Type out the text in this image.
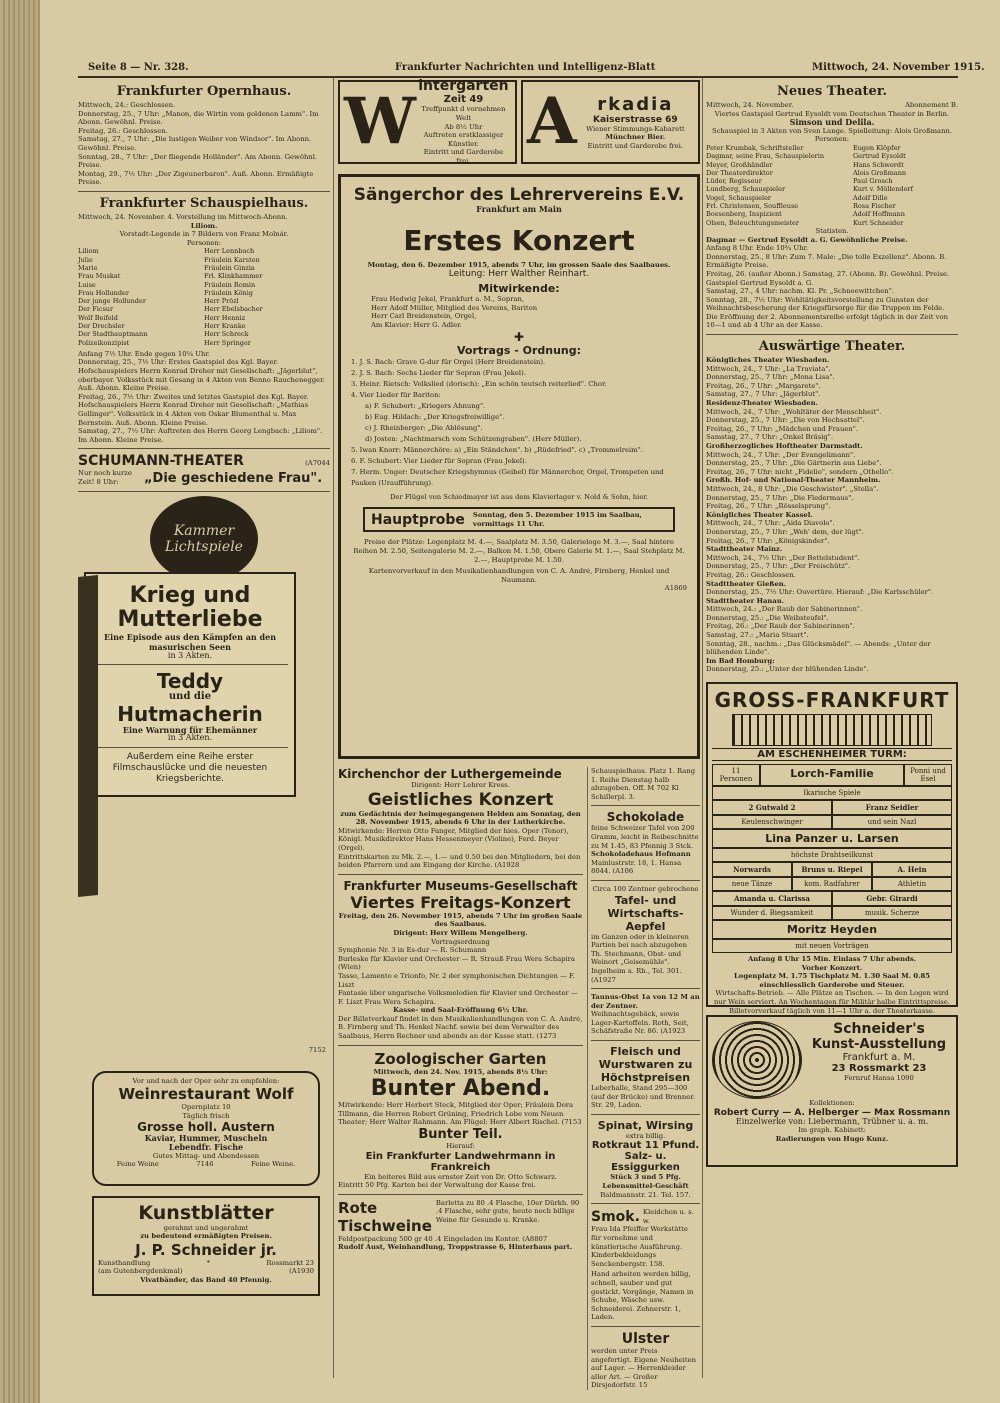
Seite 8 — Nr. 328.	Frankfurter Nachrichten und Intelligenz-Blatt	Mittwoch, 24. November 1915.
Frankfurter Opernhaus.
Mittwoch, 24.: Geschlossen.
Donnerstag, 25., 7 Uhr: „Manon, die Wirtin vom goldenen Lamm". Im Abonn. Gewöhnl. Preise.
Freitag, 26.: Geschlossen.
Samstag, 27., 7 Uhr: „Die lustigen Weiber von Windsor". Im Abonn. Gewöhnl. Preise.
Sonntag, 28., 7 Uhr: „Der fliegende Holländer". Am Abonn. Gewöhnl. Preise.
Montag, 29., 7½ Uhr: „Der Zigeunerbaron". Auß. Abonn. Ermäßigte Preise.
Frankfurter Schauspielhaus.
Mittwoch, 24. November. 4. Vorstellung im Mittwoch-Abonn.
Liliom.
Vorstadt-Legende in 7 Bildern von Franz Molnár.
Personen:
Liliom	Herr Lennbach
Julie	Fräulein Karsten
Marie	Fräulein Ginzia
Frau Muskat	Frl. Klinkhammer
Luise	Fräulein Romin
Frau Hollunder	Fräulein König
Der junge Hollunder	Herr Prözl
Der Ficsur	Herr Ebelsbacher
Wolf Beifeld	Herr Henniz
Der Drechsler	Herr Kranke
Der Stadthauptmann	Herr Schreck
Polizeikonzipist	Herr Springer
Anfang 7½ Uhr. Ende gegen 10¼ Uhr.
Donnerstag, 25., 7½ Uhr: Erstes Gastspiel des Kgl. Bayer. Hofschauspielers Herrn Konrad Dreher mit Gesellschaft: „Jägerblut", oberbayer. Volksstück mit Gesang in 4 Akten von Benno Rauchenegger. Auß. Abonn. Kleine Preise.
Freitag, 26., 7½ Uhr: Zweites und letztes Gastspiel des Kgl. Bayer. Hofschauspielers Herrn Konrad Dreher mit Gesellschaft: „Mathias Gollinger". Volksstück in 4 Akten von Oskar Blumenthal u. Max Bernstein. Auß. Abonn. Kleine Preise.
Samstag, 27., 7½ Uhr: Auftreten des Herrn Georg Lengbach: „Liliom". Im Abonn. Kleine Preise.
SCHUMANN-THEATER	(A7044
Nur noch kurze Zeit! 8 Uhr:	„Die geschiedene Frau".
Kammer
Lichtspiele
Krieg und Mutterliebe
Eine Episode aus den Kämpfen an den masurischen Seen
in 3 Akten.
Teddy
und die
Hutmacherin
Eine Warnung für Ehemänner
in 3 Akten.
Außerdem eine Reihe erster Filmschauslücke und die neuesten Kriegsberichte.
7152
Vor und nach der Oper sehr zu empfehlen:
Weinrestaurant Wolf
Opernplatz 10
Täglich frisch
Grosse holl. Austern
Kaviar, Hummer, Muscheln
Lebendfr. Fische
Gutes Mittag- und Abendessen
Feine Weine	7146	Feine Weine.
Kunstblätter
gerahmt und ungerahmt
zu bedeutend ermäßigten Preisen.
J. P. Schneider jr.
Kunsthandlung	*	Rossmarkt 23
(am Gutenbergdenkmal)	(A1930
Vivatbänder, das Band 40 Pfennig.
W intergarten
Zeit 49
Treffpunkt d vornehmen Welt
Ab 8½ Uhr
Auftreten erstklassiger Künstler.
Eintritt und Garderobe frei.
A	rkadia
Kaiserstrasse 69
Wiener Stimmungs-Kabarett
Münchner Bier.
Eintritt und Garderobe frei.
Sängerchor des Lehrervereins E.V.
Frankfurt am Main
Erstes Konzert
Montag, den 6. Dezember 1915, abends 7 Uhr, im grossen Saale des Saalbaues.
Leitung: Herr Walther Reinhart.
Mitwirkende:
Frau Hedwig Jekel, Frankfurt a. M., Sopran,
Herr Adolf Müller, Mitglied des Vereins, Bariton
Herr Carl Breidenstein, Orgel,
Am Klavier: Herr G. Adler.
✚
Vortrags - Ordnung:
1. J. S. Bach: Grave G-dur für Orgel (Herr Breidenstein).
2. J. S. Bach: Sechs Lieder für Sopran (Frau Jekel).
3. Heinr. Rietsch: Volkslied (dorisch): „Ein schön teutsch reiterlied". Chor.
4. Vier Lieder für Bariton:
a) F. Schubert: „Kriegers Ahnung".
b) Eug. Hildach: „Der Kriegsfreiwillige".
c) J. Rheinberger: „Die Ablösung".
d) Josten: „Nachtmarsch vom Schützengraben". (Herr Müller).
5. Iwan Knorr: Männerchöre: a) „Ein Ständchen". b) „Rüdefried". c) „Trommelreim".
6. F. Schubert: Vier Lieder für Sopran (Frau Jekel).
7. Herm. Unger: Deutscher Kriegshymnus (Geibel) für Männerchor, Orgel, Trompeten und Pauken (Uraufführung).
Der Flügel von Schiedmayer ist aus dem Klavierlager v. Nold & Sohn, hier.
Hauptprobe Sonntag, den 5. Dezember 1915 im Saalbau, vormittags 11 Uhr.
Preise der Plätze: Logenplatz M. 4.—, Saalplatz M. 3.50, Galerieloge M. 3.—, Saal hintere Reihen M. 2.50, Seitengalerie M. 2.—, Balkon M. 1.50, Obere Galerie M. 1.—, Saal Stehplatz M. 2.—, Hauptprobe M. 1.50.
Kartenvorverkauf in den Musikalienhandlungen von C. A. André, Firnberg, Henkel und Naumann.
A1869
Kirchenchor der Luthergemeinde
Dirigent: Herr Lehrer Kress.
Geistliches Konzert
zum Gedächtnis der heimgegangenen Helden am Sonntag, den 28. November 1915, abends 6 Uhr in der Lutherkirche.
Mitwirkende: Herren Otto Fanger, Mitglied der hies. Oper (Tenor), Königl. Musikdirektor Hans Hessenmeyer (Violine), Ferd. Beyer (Orgel).
Eintrittskarten zu Mk. 2.—, 1.— und 0.50 bei den Mitgliedern, bei den beiden Pfarrern und am Eingang der Kirche. (A1928
Frankfurter Museums-Gesellschaft
Viertes Freitags-Konzert
Freitag, den 26. November 1915, abends 7 Uhr im großen Saale des Saalbaus.
Dirigent: Herr Willem Mengelberg.
Vortragsordnung
Symphonie Nr. 3 in Es-dur — R. Schumann
Burleske für Klavier und Orchester — R. Strauß Frau Wera Schapira (Wien)
Tasso, Lamento e Trionfo, Nr. 2 der symphonischen Dichtungen — F. Liszt
Fantasie über ungarische Volksmelodien für Klavier und Orchester — F. Liszt Frau Wera Schapira.
Kasse- und Saal-Eröffnung 6½ Uhr.
Der Billetverkauf findet in den Musikalienhandlungen von C. A. André, B. Firnberg und Th. Henkel Nachf. sowie bei dem Verwalter des Saalbaus, Herrn Rechner und abends an der Kasse statt. (1273
Zoologischer Garten
Mittwoch, den 24. Nov. 1915, abends 8½ Uhr:
Bunter Abend.
Mitwirkende: Herr Herbert Steck, Mitglied der Oper; Fräulein Dora Tillmann, die Herren Robert Grüning, Friedrich Lobe vom Neuen Theater; Herr Walter Rahmann. Am Flügel: Herr Albert Rischel. (7153
Bunter Teil.
Hierauf:
Ein Frankfurter Landwehrmann in Frankreich
Ein heiteres Bild aus ernster Zeit von Dr. Otto Schwarz.
Eintritt 50 Pfg. Karten bei der Verwaltung der Kasse frei.
Rote Tischweine
Barletta zu 80 .4 Flasche, 10er Dürkh. 90 .4 Flasche, sehr gute, heute noch billige Weine für Gesunde u. Kranke.
Feldpostpackung 500 gr 40 .4 Eingeladen im Kontor. (A8807
Rudolf Aust, Weinhandlung, Troppstrasse 6, Hinterhaus part.
Schauspielhaus. Platz 1. Rang 1. Reihe Dienstag halb abzugeben. Off. M 702 Kl Schillerpl. 3.
Schokolade
feine Schweizer Tafel von 200 Gramm, leicht in Reibeschnitte zu M 1.45, 83 Pfennig 3 Stck.
Schokoladehaus Hofmann
Mainlustrstr. 18, 1. Hansa 8044. (A106
Circa 100 Zentner gebrochene
Tafel- und Wirtschafts-Aepfel
im Ganzen oder in kleineren Partien bei nach abzugeben Th. Stechmann, Obst- und Weinort „Geisemühle". Ingelheim a. Rh., Tel. 301. (A1927
Taunus-Obst 1a von 12 M an der Zentner.
Weihnachtsgebäck, sowie Lager-Kartoffeln. Roth, Seit, Schäfstraße Nr. 86. (A1923
Fleisch und Wurstwaren zu Höchstpreisen
Leberhalle, Stand 295—300 (auf der Brücke) und Brenner. Str. 29, Laden.
Spinat, Wirsing
extra billig.
Rotkraut 11 Pfund.
Salz- u. Essiggurken
Stück 3 und 5 Pfg.
Lebensmittel-Geschäft
Baldmannstr. 21. Tel. 157.
Smok. Kleidchen u. s. w.
Frau Ida Pfeiffer Werkstätte für vornehme und künstlerische Ausführung. Kinderbekleidungs Senckenbergstr. 158.
Hand arbeiten werden billig, schnell, sauber und gut gestickt. Vorgänge, Namen in Schuhe, Wäsche usw. Schneiderei. Zehnerstr. 1, Laden.
Ulster
werden unter Preis angefertigt. Eigene Neuheiten auf Lager. — Herrenkleider aller Art. — Großer Dirsjedorfstr. 15
Neues Theater.
Mittwoch, 24. November.	Abonnement B.
Viertes Gastspiel Gertrud Eysoldt vom Deutschen Theater in Berlin.
Simson und Delila.
Schauspiel in 3 Akten von Sven Lange. Spielleitung: Alois Großmann.
Personen:
Peter Krumbak, Schriftsteller	Eugen Klöpfer
Dagmar, seine Frau, Schauspielerin	Gertrud Eysoldt
Meyer, Großhändler	Hans Schwerdt
Der Theaterdirektor	Alois Großmann
Lüder, Regisseur	Paul Grosch
Lundberg, Schauspieler	Kurt v. Möllendorf
Vogel, Schauspieler	Adolf Dille
Frl. Christensen, Souffleuse	Rosa Fischer
Boesenberg, Inspizient	Adolf Hoffmann
Olsen, Beleuchtungsmeister	Kurt Schneider
Statisten.
Dagmar — Gertrud Eysoldt a. G. Gewöhnliche Preise.
Anfang 8 Uhr. Ende 10¾ Uhr.
Donnerstag, 25., 8 Uhr: Zum 7. Male: „Die tolle Exzellenz". Abonn. B. Ermäßigte Preise.
Freitag, 26. (außer Abonn.) Samstag, 27. (Abonn. B). Gewöhnl. Preise. Gastspiel Gertrud Eysoldt a. G.
Samstag, 27., 4 Uhr: nachm. Kl. Pr. „Schneewittchen".
Sonntag, 28., 7½ Uhr: Wohltätigkeitsvorstellung zu Gunsten der Weihnachtsbescherung der Kriegsfürsorge für die Truppen im Felde.
Die Eröffnung der 2. Abonnementsreihe erfolgt täglich in der Zeit von 10—1 und ab 4 Uhr an der Kasse.
Auswärtige Theater.
Königliches Theater Wiesbaden.
Mittwoch, 24., 7 Uhr: „La Traviata".
Donnerstag, 25., 7 Uhr: „Mona Lisa".
Freitag, 26., 7 Uhr: „Margarete".
Samstag, 27., 7 Uhr: „Jägerblut".
Residenz-Theater Wiesbaden.
Mittwoch, 24., 7 Uhr: „Wohltäter der Menschheit".
Donnerstag, 25., 7 Uhr: „Die von Hochsattel".
Freitag, 26., 7 Uhr: „Mädchen und Frauen".
Samstag, 27., 7 Uhr: „Onkel Bräsig".
Großherzogliches Hoftheater Darmstadt.
Mittwoch, 24., 7 Uhr: „Der Evangelimann".
Donnerstag, 25., 7 Uhr: „Die Gärtnerin aus Liebe".
Freitag, 26., 7 Uhr: nicht „Fidelio", sondern „Othello".
Großh. Hof- und National-Theater Mannheim.
Mittwoch, 24., 8 Uhr: „Die Geschwister". „Stella".
Donnerstag, 25., 7 Uhr: „Die Fledermaus".
Freitag, 26., 7 Uhr: „Rösselsprung".
Königliches Theater Kassel.
Mittwoch, 24., 7 Uhr: „Aida Diavolo".
Donnerstag, 25., 7 Uhr: „Weh' dem, der lügt".
Freitag, 26., 7 Uhr: „Königskinder".
Stadttheater Mainz.
Mittwoch, 24., 7½ Uhr: „Der Bettelstudent".
Donnerstag, 25., 7 Uhr: „Der Freischütz".
Freitag, 26.: Geschlossen.
Stadttheater Gießen.
Donnerstag, 25., 7½ Uhr: Ouvertüre. Hierauf: „Die Karlsschüler".
Stadttheater Hanau.
Mittwoch, 24.: „Der Raub der Sabinerinnen".
Donnerstag, 25.: „Die Weibsteufel".
Freitag, 26.: „Der Raub der Sabinerinnen".
Samstag, 27.: „Maria Stuart".
Sonntag, 28., nachm.: „Das Glücksmädel". — Abends: „Unter der blühenden Linde".
Im Bad Homburg:
Donnerstag, 25.: „Unter der blühenden Linde".
GROSS-FRANKFURT
AM ESCHENHEIMER TURM:
11 Personen	Lorch-Familie	Ponni und Esel
Ikarische Spiele
2 Gutwald 2	Franz Seidler
Keulenschwinger	und sein Nazl
Lina Panzer u. Larsen
höchste Drahtseilkunst
Norwards	Bruns u. Riepel	A. Hein
neue Tänze	kom. Radfahrer	Athletin
Amanda u. Clarissa	Gebr. Girardi
Wunder d. Biegsamkeit	musik. Scherze
Moritz Heyden
mit neuen Vorträgen
Anfang 8 Uhr 15 Min. Einlass 7 Uhr abends.
Vorher Konzert.
Logenplatz M. 1.75 Tischplatz M. 1.30 Saal M. 0.85
einschliesslich Garderobe und Steuer.
Wirtschafts-Betrieb. — Alle Plätze an Tischen. — In den Logen wird nur Wein serviert. An Wochentagen für Militär halbe Eintrittspreise. Billetvorverkauf täglich von 11—1 Uhr a. der Theaterkasse.
Schneider's
Kunst-Ausstellung
Frankfurt a. M.
23 Rossmarkt 23
Fernruf Hansa 1090
Kollektionen:
Robert Curry — A. Helberger — Max Rossmann
Einzelwerke von: Liebermann, Trübner u. a. m.
Im graph. Kabinett:
Radierungen von Hugo Kunz.
